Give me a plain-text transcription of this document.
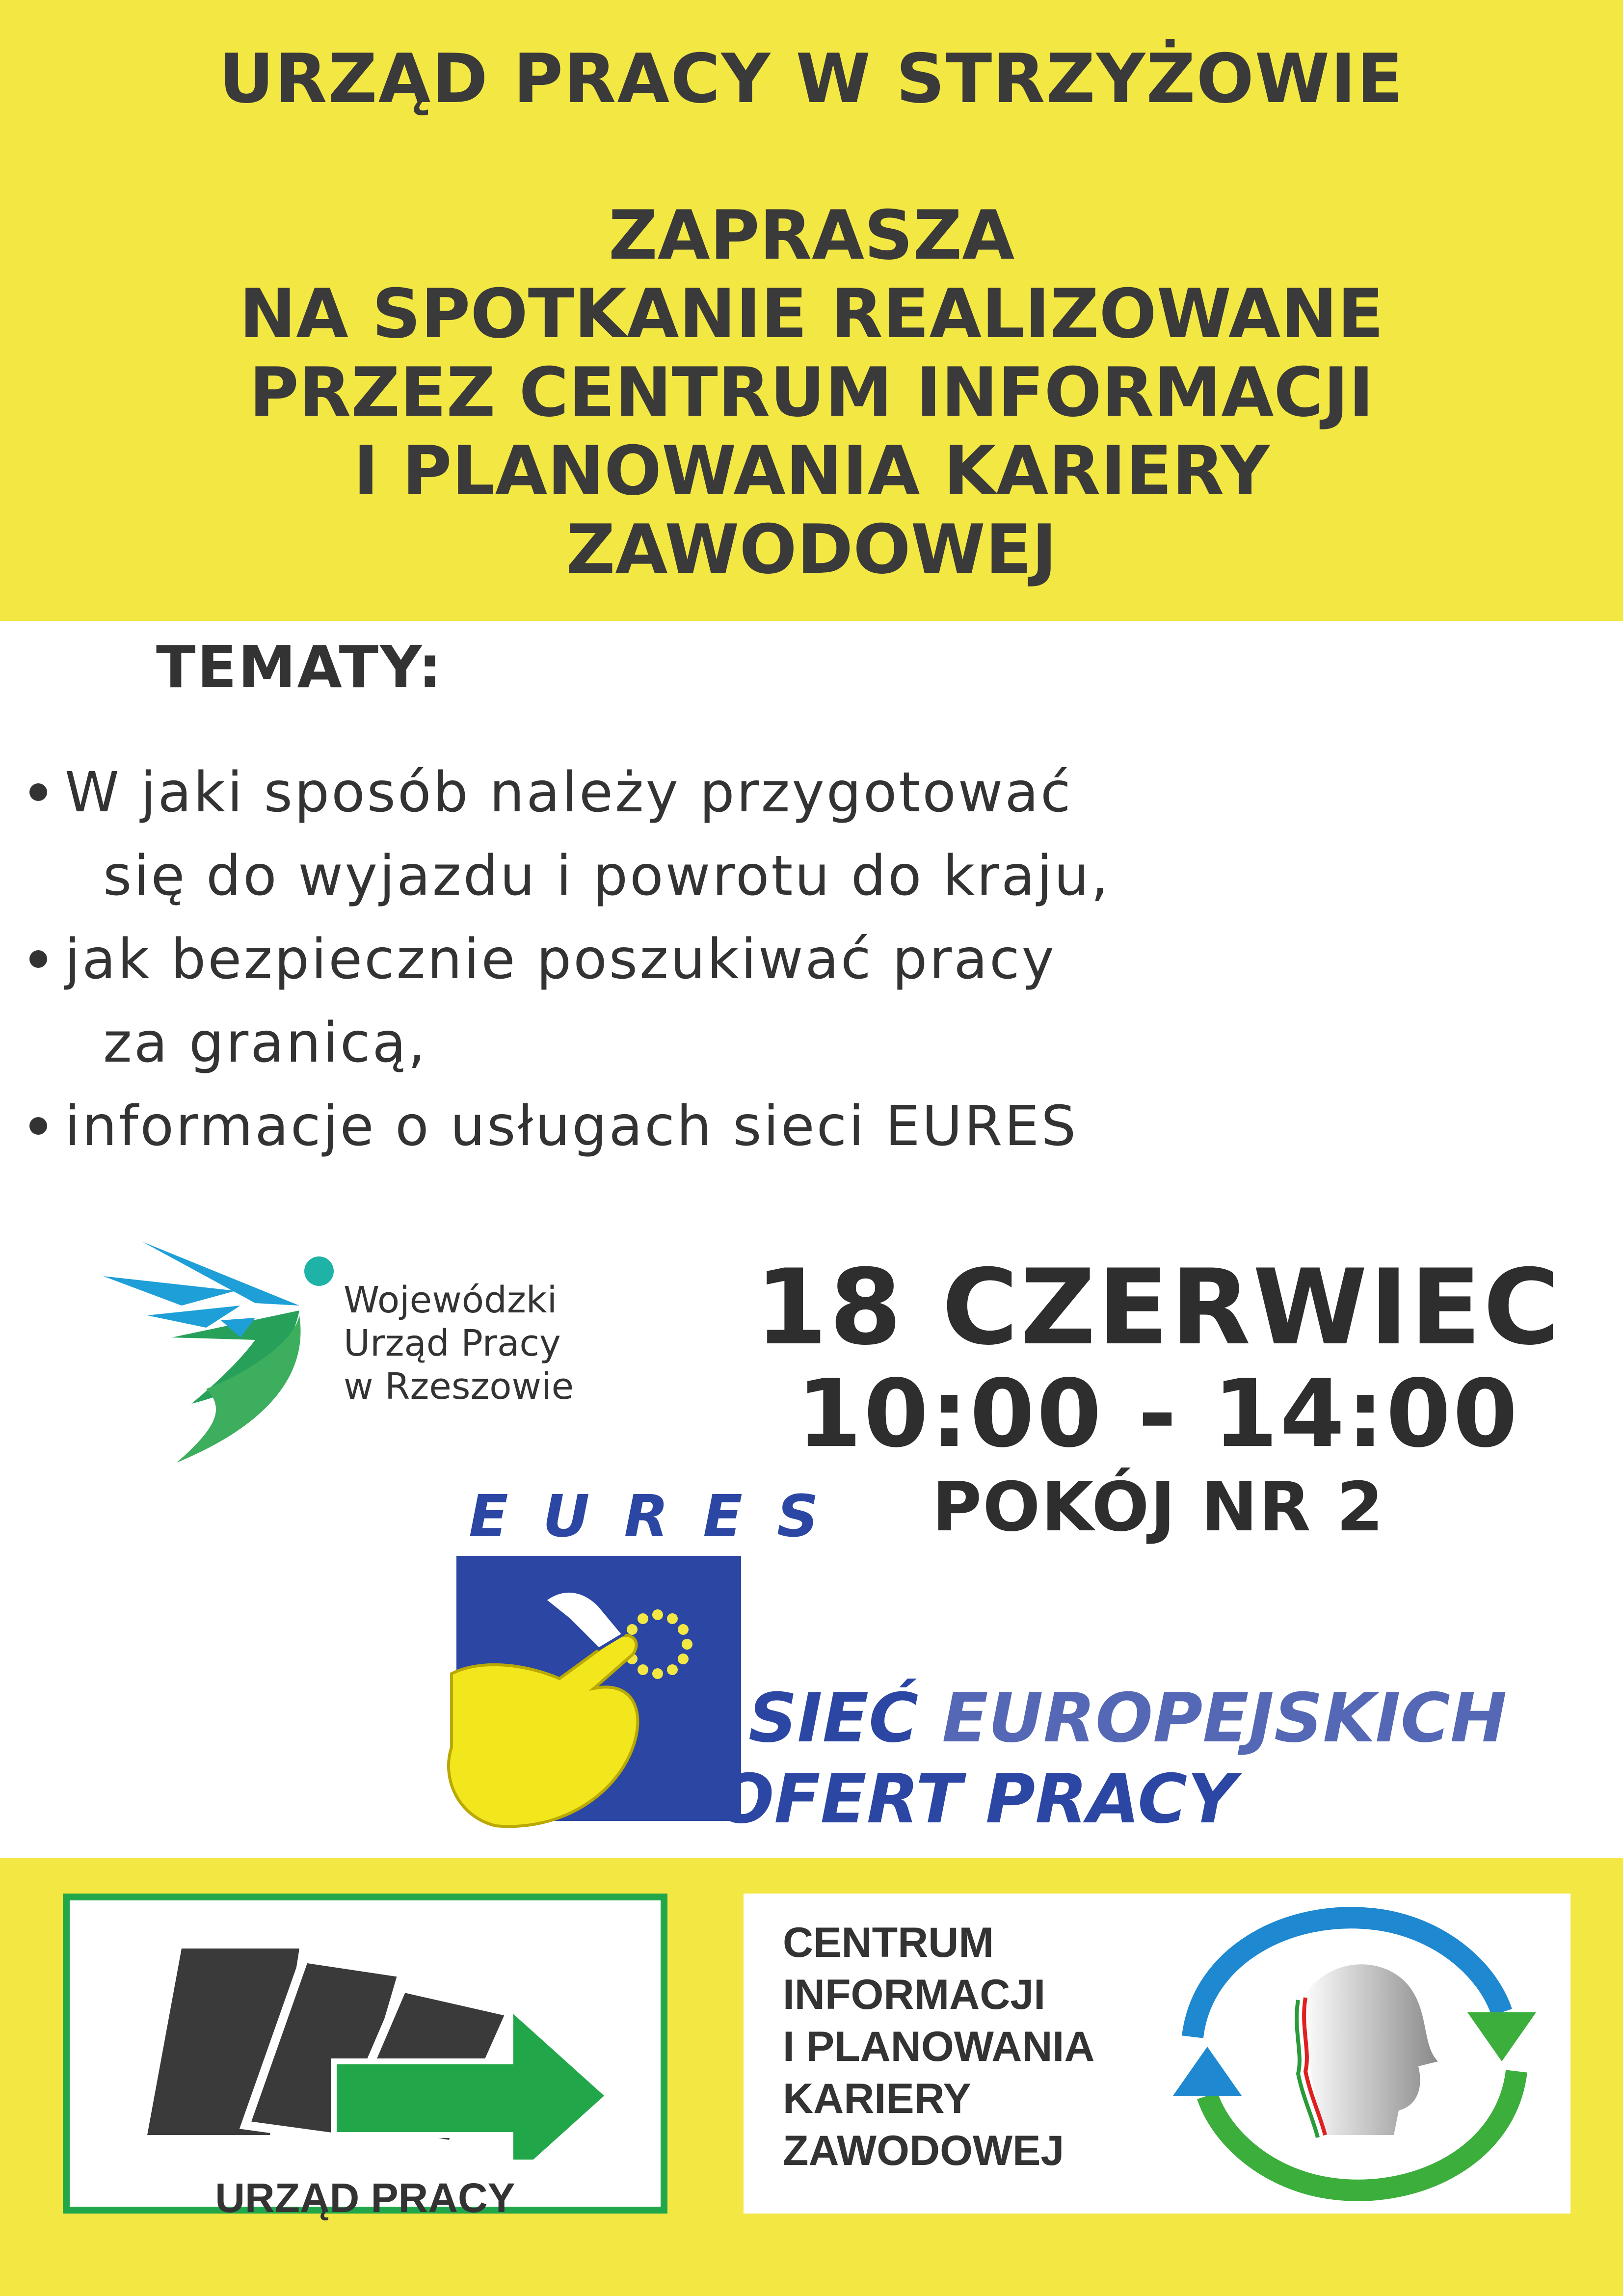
URZĄD PRACY W STRZYŻOWIE
ZAPRASZA
NA SPOTKANIE REALIZOWANE
PRZEZ CENTRUM INFORMACJI
I PLANOWANIA KARIERY
ZAWODOWEJ
TEMATY:
W jaki sposób należy przygotować
się do wyjazdu i powrotu do kraju,
jak bezpiecznie poszukiwać pracy
za granicą,
informacje o usługach sieci EURES
Wojewódzki
Urząd Pracy
w Rzeszowie
18 CZERWIEC
10:00 - 14:00
POKÓJ NR 2
EURES
SIEĆ EUROPEJSKICH
OFERT PRACY
URZĄD PRACY
CENTRUM
INFORMACJI
I PLANOWANIA
KARIERY
ZAWODOWEJ
